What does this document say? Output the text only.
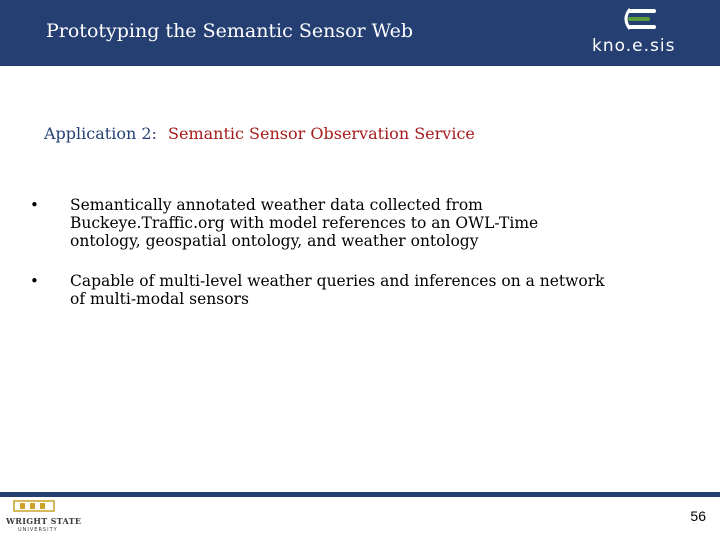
Prototyping the Semantic Sensor Web
kno.e.sis
Application 2: Semantic Sensor Observation Service
• Semantically annotated weather data collected from
Buckeye.Traffic.org with model references to an OWL-Time
ontology, geospatial ontology, and weather ontology
• Capable of multi-level weather queries and inferences on a network
of multi-modal sensors
WRIGHT STATE
UNIVERSITY
56
